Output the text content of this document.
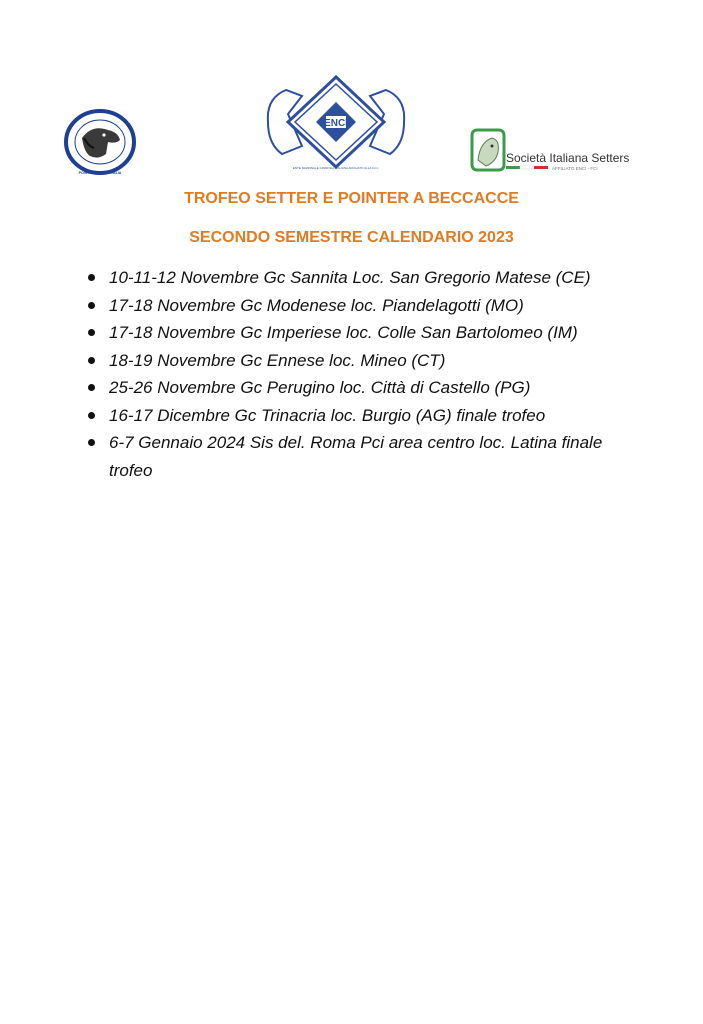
POINTER CLUB D'ITALIA
ENCI
ENTE NAZIONALE CINOFILIA ITALIANA AFFILIATO ALLA F.C.I.
Società Italiana Setters
AFFILIATO ENCI - FCI
TROFEO SETTER E POINTER A BECCACCE
SECONDO SEMESTRE CALENDARIO 2023
10-11-12 Novembre Gc Sannita Loc. San Gregorio Matese (CE)
17-18 Novembre Gc Modenese loc. Piandelagotti (MO)
17-18 Novembre Gc Imperiese loc. Colle San Bartolomeo (IM)
18-19 Novembre Gc Ennese loc. Mineo (CT)
25-26 Novembre Gc Perugino loc. Città di Castello (PG)
16-17 Dicembre Gc Trinacria loc. Burgio (AG) finale trofeo
6-7 Gennaio 2024 Sis del. Roma Pci area centro loc. Latina finale trofeo
